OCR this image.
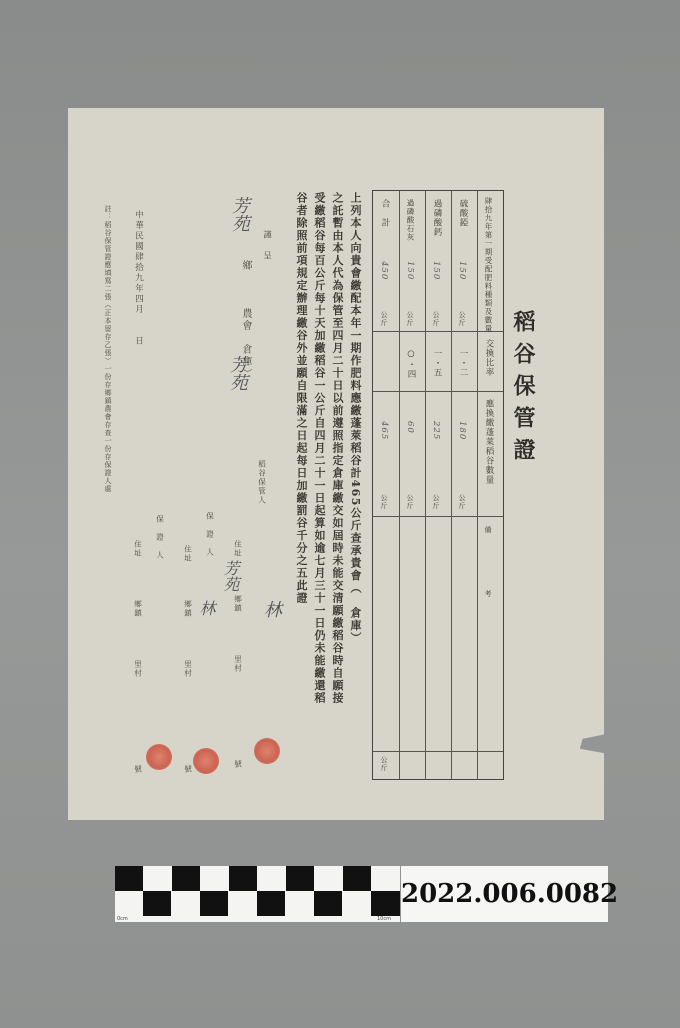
稻谷保管證
肆拾九年第一期受配肥料種類及數量
交換比率
應換繳蓬萊稻谷數量
備　　　　　　　考
硫酸錏
150
公斤
一・二
180
公斤
過磷酸鈣
150
公斤
一・五
225
公斤
過磷酸石灰
150
公斤
○・四
60
公斤
合　計
450
公斤
465
公斤
公斤
上列本人向貴會繳配本年一期作肥料應繳蓬萊稻谷計465公斤查承貴會（　倉庫）
之託暫由本人代為保管至四月二十日以前遵照指定倉庫繳交如屆時未能交清願繳稻谷時自願接
受繳稻谷每百公斤每十天加繳稻谷一公斤自四月二十一日起算如逾七月三十一日仍未能繳還稻
谷者除照前項規定辦理繳谷外並願自限滿之日起每日加繳罰谷千分之五此證
謹　呈
鄉　　　農會　倉庫）
芳苑
芳苑
稻谷保管人
住址
芳苑
鄉鎮
里村
林
號
保　證　人
住址
鄉鎮
里村
林
號
保　證　人
住址
鄉鎮
里村
號
中華民國肆拾九年四月　　日
註：稻谷保管證應填寫二張（正本留存乙張）一份存鄉鎮農會存查一份存保證人處
0cm	10cm
2022.006.0082
